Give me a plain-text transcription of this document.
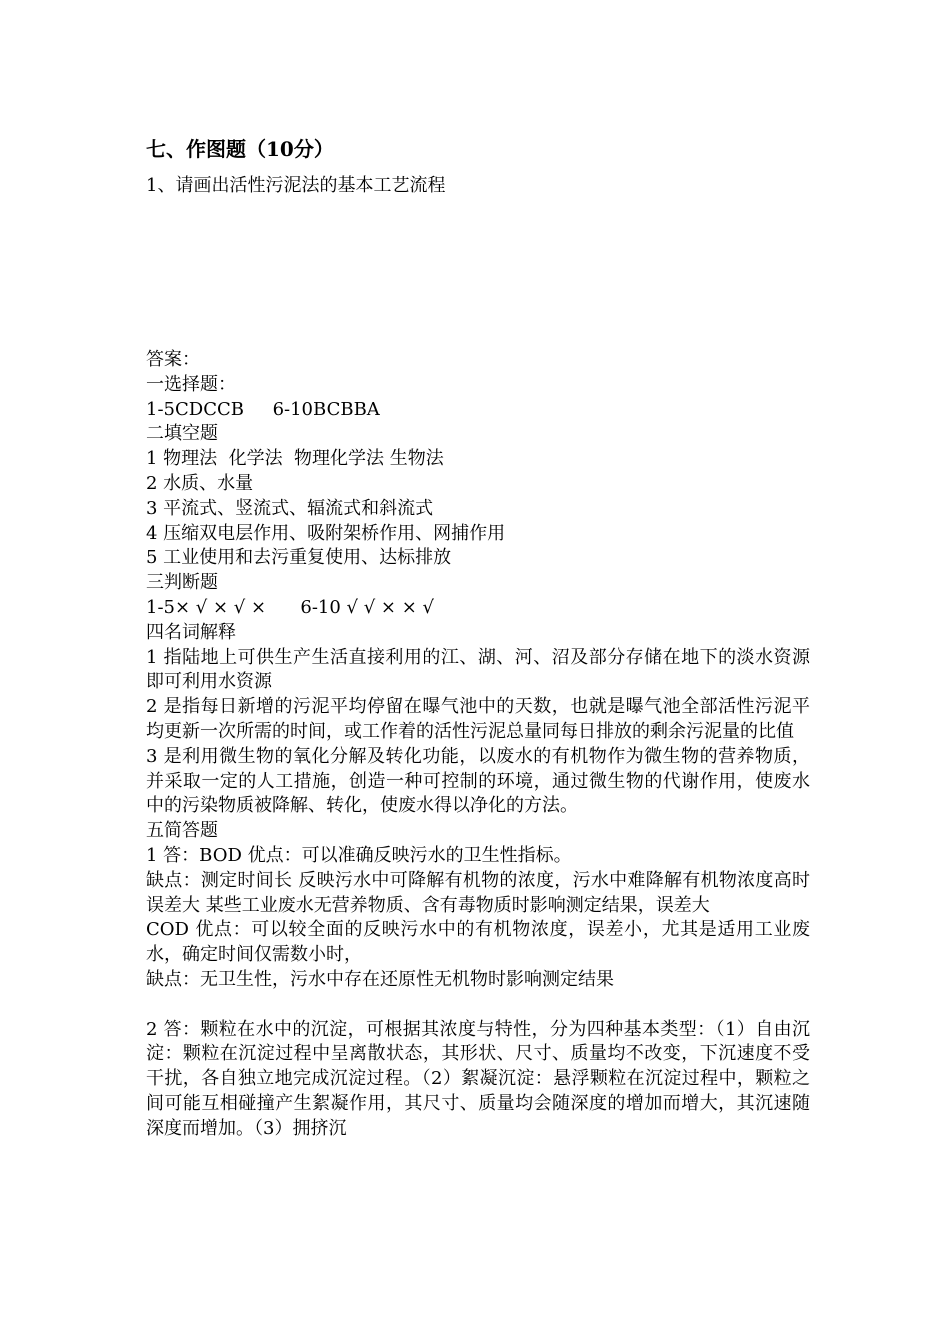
七、作图题（10分）
1、请画出活性污泥法的基本工艺流程
答案：
一选择题：
1-5CDCCB     6-10BCBBA
二填空题
1 物理法  化学法  物理化学法 生物法
2 水质、水量
3 平流式、竖流式、辐流式和斜流式
4 压缩双电层作用、吸附架桥作用、网捕作用
5 工业使用和去污重复使用、达标排放
三判断题
1-5× √ × √ ×      6-10 √ √ × × √
四名词解释
1 指陆地上可供生产生活直接利用的江、湖、河、沼及部分存储在地下的淡水资源即可利用水资源
2 是指每日新增的污泥平均停留在曝气池中的天数，也就是曝气池全部活性污泥平均更新一次所需的时间，或工作着的活性污泥总量同每日排放的剩余污泥量的比值
3 是利用微生物的氧化分解及转化功能，以废水的有机物作为微生物的营养物质，并采取一定的人工措施，创造一种可控制的环境，通过微生物的代谢作用，使废水中的污染物质被降解、转化，使废水得以净化的方法。
五简答题
1 答：BOD 优点：可以准确反映污水的卫生性指标。
缺点：测定时间长 反映污水中可降解有机物的浓度，污水中难降解有机物浓度高时误差大 某些工业废水无营养物质、含有毒物质时影响测定结果，误差大
COD 优点：可以较全面的反映污水中的有机物浓度，误差小，尤其是适用工业废水，确定时间仅需数小时，
缺点：无卫生性，污水中存在还原性无机物时影响测定结果
2 答：颗粒在水中的沉淀，可根据其浓度与特性，分为四种基本类型：（1）自由沉淀：颗粒在沉淀过程中呈离散状态，其形状、尺寸、质量均不改变，下沉速度不受干扰，各自独立地完成沉淀过程。（2）絮凝沉淀：悬浮颗粒在沉淀过程中，颗粒之间可能互相碰撞产生絮凝作用，其尺寸、质量均会随深度的增加而增大，其沉速随深度而增加。（3）拥挤沉
